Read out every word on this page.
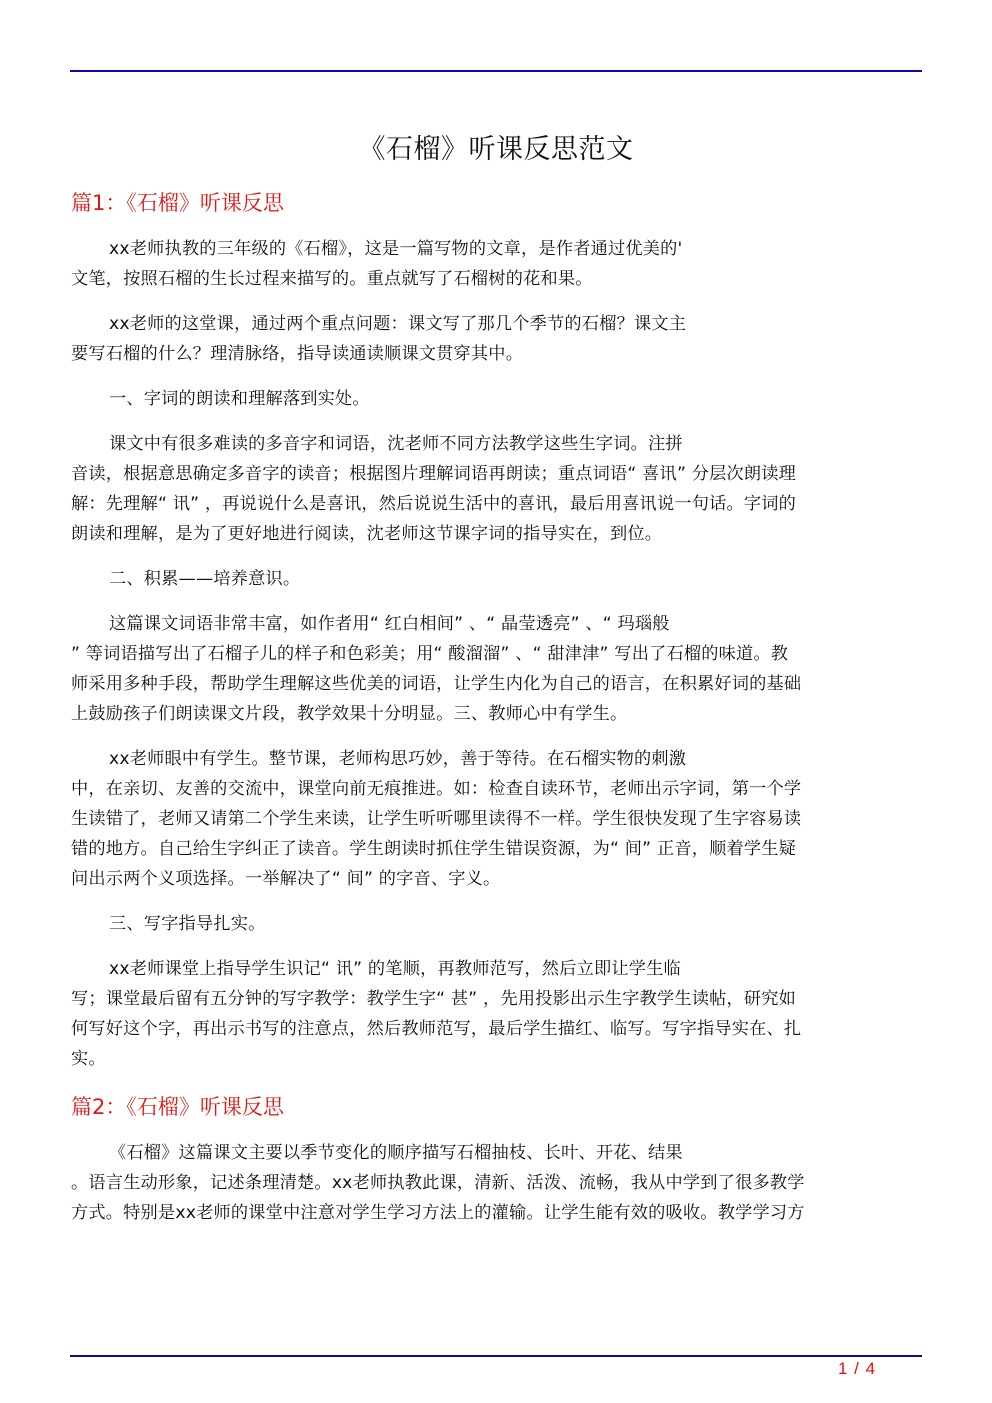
《石榴》听课反思范文
篇1：《石榴》听课反思

xx老师执教的三年级的《石榴》，这是一篇写物的文章，是作者通过优美的'
文笔，按照石榴的生长过程来描写的。重点就写了石榴树的花和果。

xx老师的这堂课，通过两个重点问题：课文写了那几个季节的石榴？课文主
要写石榴的什么？理清脉络，指导读通读顺课文贯穿其中。

一、字词的朗读和理解落到实处。

课文中有很多难读的多音字和词语，沈老师不同方法教学这些生字词。注拼
音读，根据意思确定多音字的读音；根据图片理解词语再朗读；重点词语“ 喜讯” 分层次朗读理
解：先理解“ 讯” ，再说说什么是喜讯，然后说说生活中的喜讯，最后用喜讯说一句话。字词的
朗读和理解，是为了更好地进行阅读，沈老师这节课字词的指导实在，到位。

二、积累——培养意识。

这篇课文词语非常丰富，如作者用“ 红白相间” 、“ 晶莹透亮” 、“ 玛瑙般
” 等词语描写出了石榴子儿的样子和色彩美；用“ 酸溜溜” 、“ 甜津津” 写出了石榴的味道。教
师采用多种手段，帮助学生理解这些优美的词语，让学生内化为自己的语言，在积累好词的基础
上鼓励孩子们朗读课文片段，教学效果十分明显。三、教师心中有学生。

xx老师眼中有学生。整节课，老师构思巧妙，善于等待。在石榴实物的刺激
中，在亲切、友善的交流中，课堂向前无痕推进。如：检查自读环节，老师出示字词，第一个学
生读错了，老师又请第二个学生来读，让学生听听哪里读得不一样。学生很快发现了生字容易读
错的地方。自己给生字纠正了读音。学生朗读时抓住学生错误资源，为“ 间” 正音，顺着学生疑
问出示两个义项选择。一举解决了“ 间” 的字音、字义。

三、写字指导扎实。

xx老师课堂上指导学生识记“ 讯” 的笔顺，再教师范写，然后立即让学生临
写；课堂最后留有五分钟的写字教学：教学生字“ 甚” ，先用投影出示生字教学生读帖，研究如
何写好这个字，再出示书写的注意点，然后教师范写，最后学生描红、临写。写字指导实在、扎
实。

篇2：《石榴》听课反思

《石榴》这篇课文主要以季节变化的顺序描写石榴抽枝、长叶、开花、结果
。语言生动形象，记述条理清楚。xx老师执教此课，清新、活泼、流畅，我从中学到了很多教学
方式。特别是xx老师的课堂中注意对学生学习方法上的灌输。让学生能有效的吸收。教学学习方

1 / 4
